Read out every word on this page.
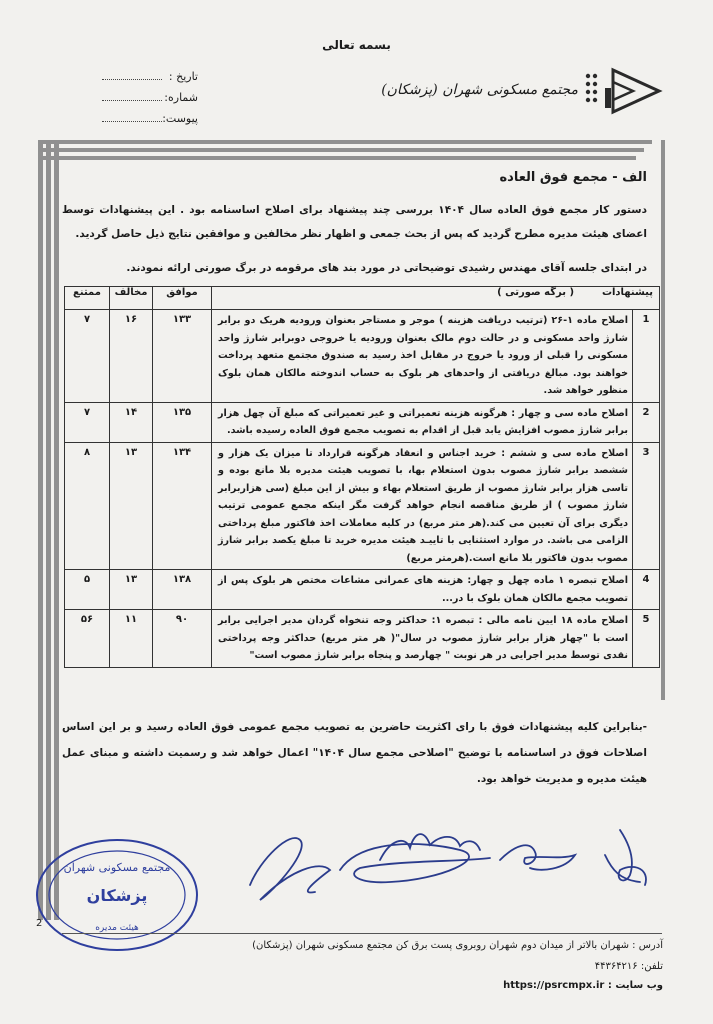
بسمه تعالی
تاریخ :
شماره:
پیوست:
مجتمع مسکونی شهران (پزشکان)
الف - مجمع فوق العاده
دستور کار مجمع فوق العاده سال ۱۴۰۴ بررسی چند پیشنهاد برای اصلاح اساسنامه بود . این پیشنهادات توسط اعضای هیئت مدیره مطرح گردید که پس از بحث جمعی و اظهار نظر مخالفین و موافقین نتایج ذیل حاصل گردید.
در ابتدای جلسه آقای مهندس رشیدی توضیحاتی در مورد بند های مرقومه در برگ صورتی ارائه نمودند.
پیشنهادات        ( برگه صورتی )		موافق	مخالف	ممتنع
1	اصلاح ماده ۱-۲۶ (ترتیب دریافت هزینه ) موجر و مستاجر بعنوان ورودیه هریک دو برابر شارژ واحد مسکونی و در حالت دوم مالک بعنوان ورودیه یا خروجی دوبرابر شارژ واحد مسکونی را قبلی از ورود یا خروج در مقابل اخذ رسید به صندوق مجتمع متعهد پرداخت خواهند بود. مبالغ دریافتی از واحدهای هر بلوک به حساب اندوخته مالکان همان بلوک منظور خواهد شد.	۱۳۳	۱۶	۷
2	اصلاح ماده سی و چهار : هرگونه هزینه تعمیراتی و غیر تعمیراتی که مبلغ آن چهل هزار برابر شارژ مصوب افزایش یابد قبل از اقدام به تصویب مجمع فوق العاده رسیده باشد.	۱۳۵	۱۴	۷
3	اصلاح ماده سی و ششم : خرید اجناس و انعقاد هرگونه قرارداد تا میزان یک هزار و ششصد برابر شارژ مصوب بدون استعلام بها، با تصویب هیئت مدیره بلا مانع بوده و تاسی هزار برابر شارژ مصوب از طریق استعلام بهاء و بیش از این مبلغ (سی هزاربرابر شارژ مصوب ) از طریق مناقصه انجام خواهد گرفت مگر اینکه مجمع عمومی ترتیب دیگری برای آن تعیین می کند.(هر متر مربع) در کلیه معاملات اخذ فاکتور مبلغ پرداختی الزامی می باشد. در موارد استثنایی با تاییـد هیئت مدیره خرید تا مبلغ یکصد برابر شارژ مصوب بدون فاکتور بلا مانع است.(هرمتر مربع)	۱۳۴	۱۳	۸
4	اصلاح تبصره ۱ ماده چهل و چهار: هزینه های عمرانی مشاعات مختص هر بلوک پس از تصویب مجمع مالکان همان بلوک با در...	۱۳۸	۱۳	۵
5	اصلاح ماده ۱۸ ایین نامه مالی : تبصره ۱: حداکثر وجه تنخواه گردان مدیر اجرایی برابر است با "چهار هزار برابر شارژ مصوب در سال"( هر متر مربع) حداکثر وجه پرداختی نقدی توسط مدیر اجرایی در هر نوبت " چهارصد و پنجاه برابر شارژ مصوب است"	۹۰	۱۱	۵۶
-بنابراین کلیه پیشنهادات فوق با رای اکثریت حاضرین به تصویب مجمع عمومی فوق العاده رسید و بر این اساس اصلاحات فوق در اساسنامه با توضیح "اصلاحی مجمع سال ۱۴۰۴" اعمال خواهد شد و رسمیت داشته و مبنای عمل هیئت مدیره و مدیریت خواهد بود.
مجتمع مسکونی شهران
پزشکان
هیئت مدیره
2
آدرس : شهران بالاتر از میدان دوم شهران روبروی پست برق کن مجتمع مسکونی شهران (پزشکان)
تلفن: ۴۴۳۶۴۲۱۶
وب سایت : https://psrcmpx.ir
